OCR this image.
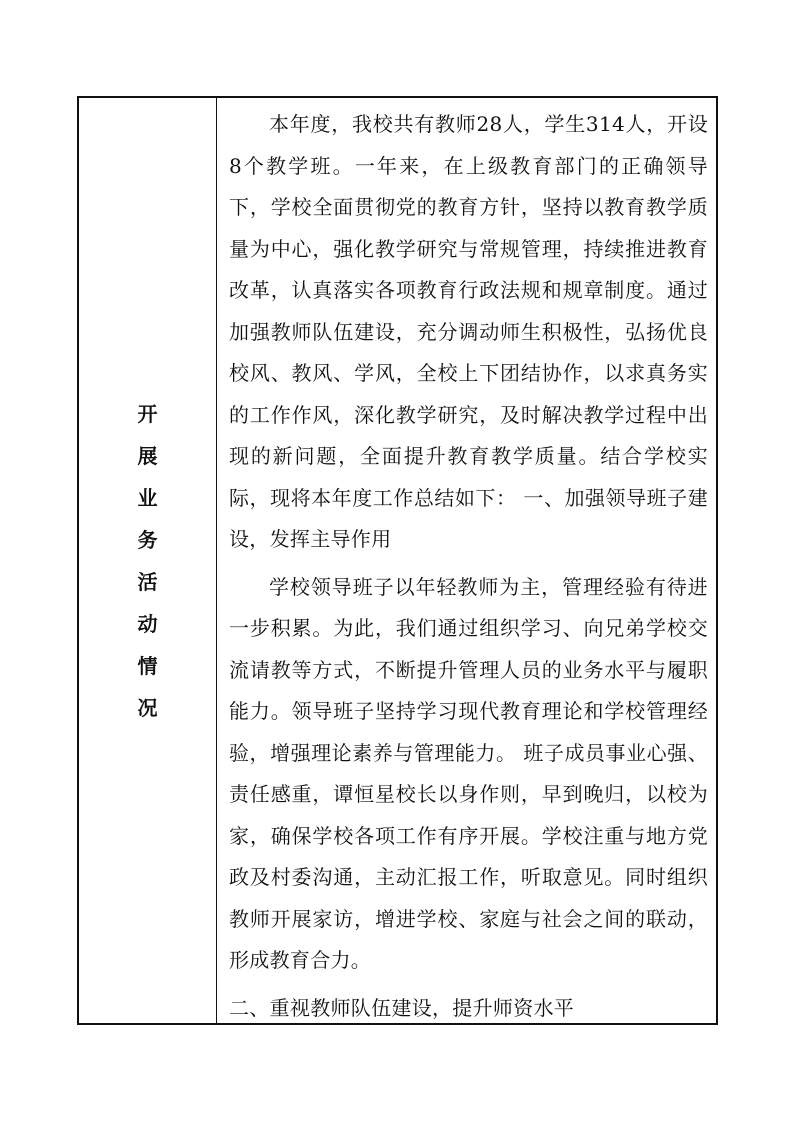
开
展
业
务
活
动
情
况

本年度，我校共有教师28人，学生314人，开设8个教学班。一年来，在上级教育部门的正确领导下，学校全面贯彻党的教育方针，坚持以教育教学质量为中心，强化教学研究与常规管理，持续推进教育改革，认真落实各项教育行政法规和规章制度。通过加强教师队伍建设，充分调动师生积极性，弘扬优良校风、教风、学风，全校上下团结协作，以求真务实的工作作风，深化教学研究，及时解决教学过程中出现的新问题，全面提升教育教学质量。结合学校实际，现将本年度工作总结如下： 一、加强领导班子建设，发挥主导作用

学校领导班子以年轻教师为主，管理经验有待进一步积累。为此，我们通过组织学习、向兄弟学校交流请教等方式，不断提升管理人员的业务水平与履职能力。领导班子坚持学习现代教育理论和学校管理经验，增强理论素养与管理能力。 班子成员事业心强、责任感重，谭恒星校长以身作则，早到晚归，以校为家，确保学校各项工作有序开展。学校注重与地方党政及村委沟通，主动汇报工作，听取意见。同时组织教师开展家访，增进学校、家庭与社会之间的联动，形成教育合力。

二、重视教师队伍建设，提升师资水平
